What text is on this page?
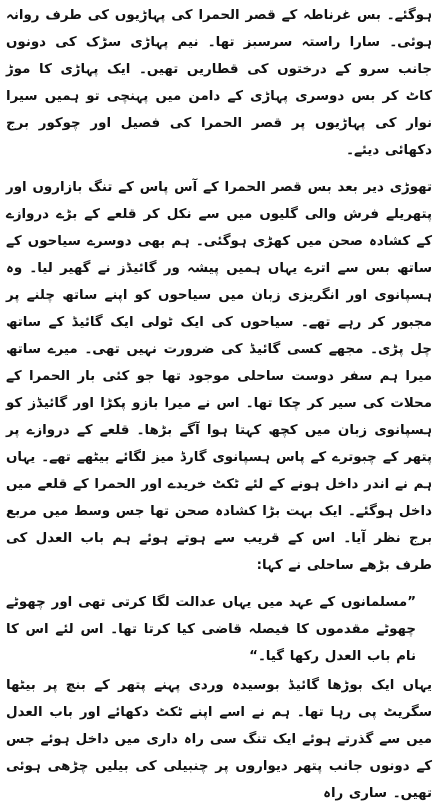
ہوگئے۔ بس غرناطہ کے قصر الحمرا کی پہاڑیوں کی طرف روانہ ہوئی۔ سارا راستہ سرسبز تھا۔ نیم پہاڑی سڑک کی دونوں جانب سرو کے درختوں کی قطاریں تھیں۔ ایک پہاڑی کا موڑ کاٹ کر بس دوسری پہاڑی کے دامن میں پہنچی تو ہمیں سیرا نوار کی پہاڑیوں پر قصر الحمرا کی فصیل اور چوکور برج دکھائی دیئے۔

تھوڑی دیر بعد بس قصر الحمرا کے آس پاس کے تنگ بازاروں اور پتھریلے فرش والی گلیوں میں سے نکل کر قلعے کے بڑے دروازے کے کشادہ صحن میں کھڑی ہوگئی۔ ہم بھی دوسرے سیاحوں کے ساتھ بس سے اترے یہاں ہمیں پیشہ ور گائیڈز نے گھیر لیا۔ وہ ہسپانوی اور انگریزی زبان میں سیاحوں کو اپنے ساتھ چلنے پر مجبور کر رہے تھے۔ سیاحوں کی ایک ٹولی ایک گائیڈ کے ساتھ چل پڑی۔ مجھے کسی گائیڈ کی ضرورت نہیں تھی۔ میرے ساتھ میرا ہم سفر دوست ساحلی موجود تھا جو کئی بار الحمرا کے محلات کی سیر کر چکا تھا۔ اس نے میرا بازو پکڑا اور گائیڈز کو ہسپانوی زبان میں کچھ کہتا ہوا آگے بڑھا۔ قلعے کے دروازے پر پتھر کے چبوترے کے پاس ہسپانوی گارڈ میز لگائے بیٹھے تھے۔ یہاں ہم نے اندر داخل ہونے کے لئے ٹکٹ خریدے اور الحمرا کے قلعے میں داخل ہوگئے۔ ایک بہت بڑا کشادہ صحن تھا جس وسط میں مربع برج نظر آیا۔ اس کے قریب سے ہوتے ہوئے ہم باب العدل کی طرف بڑھے ساحلی نے کہا:

”مسلمانوں کے عہد میں یہاں عدالت لگا کرتی تھی اور چھوٹے چھوٹے مقدموں کا فیصلہ قاضی کیا کرتا تھا۔ اس لئے اس کا نام باب العدل رکھا گیا۔“

یہاں ایک بوڑھا گائیڈ بوسیدہ وردی پہنے پتھر کے بنچ پر بیٹھا سگریٹ پی رہا تھا۔ ہم نے اسے اپنے ٹکٹ دکھائے اور باب العدل میں سے گذرتے ہوئے ایک تنگ سی راہ داری میں داخل ہوئے جس کے دونوں جانب پتھر دیواروں پر چنبیلی کی بیلیں چڑھی ہوئی تھیں۔ ساری راہ
